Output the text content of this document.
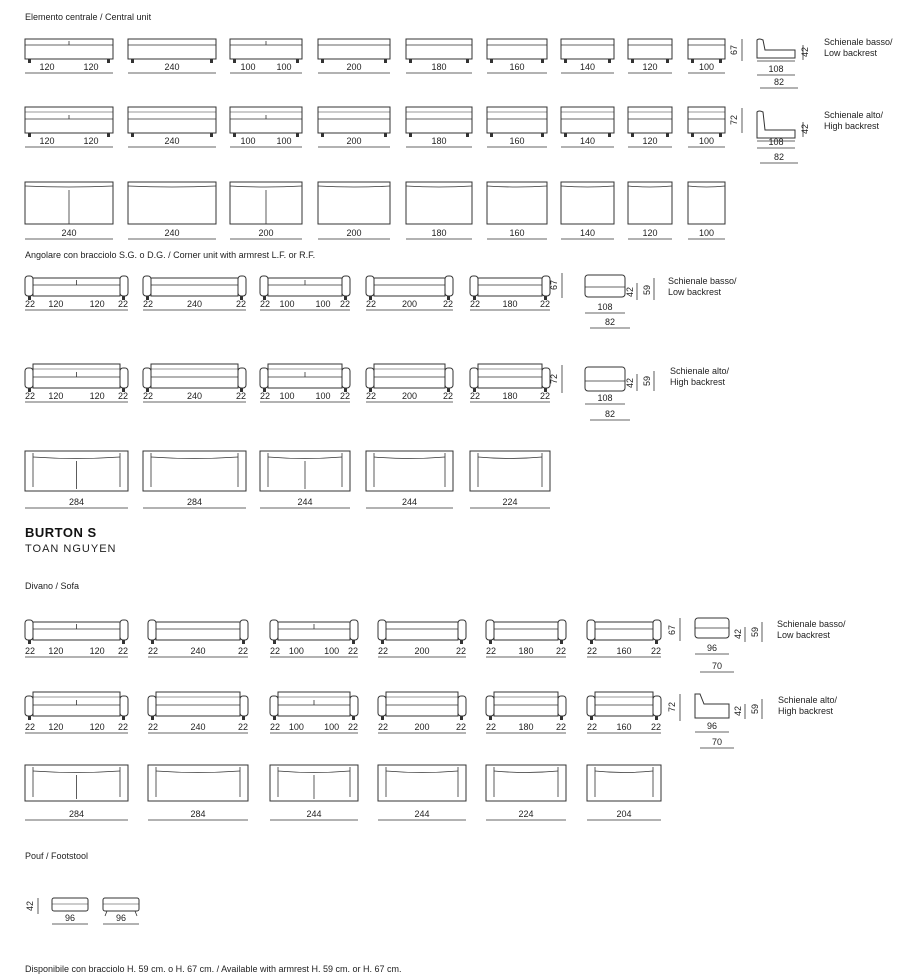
Elemento centrale / Central unit
Angolare con bracciolo S.G. o D.G. / Corner unit with armrest L.F. or R.F.
BURTON S
TOAN NGUYEN
Divano / Sofa
Pouf / Footstool
Schienale basso/
Low backrest
Schienale alto/
High backrest
Schienale basso/
Low backrest
Schienale alto/
High backrest
Schienale basso/
Low backrest
Schienale alto/
High backrest
Disponibile con bracciolo H. 59 cm. o H. 67 cm. / Available with armrest H. 59 cm. or H. 67 cm.
120	120	240	100 100	200	180	160	140	120	100
120	120	240	100 100	200	180	160	140	120	100
67
72
108
82
42
108
82
42
240	240	200	200	180	160	140	120	100
22 120	120 22 22	240	22 22 100 100 22 22	200	22 22 180 22
22 120	120 22 22	240	22 22 100 100 22 22	200	22 22 180 22
67
72
108
82
42 59
108
82
42 59
284	284	244	244	224
22 120	120 22 22	240	22 22 100 100 22 22	200	22 22 180 22 22 160 22
22 120	120 22 22	240	22 22 100 100 22 22	200	22 22 180 22 22 160 22
67
72
96
70
42 59
96
70
42 59
284	284	244	244	224	204
42
96	96
